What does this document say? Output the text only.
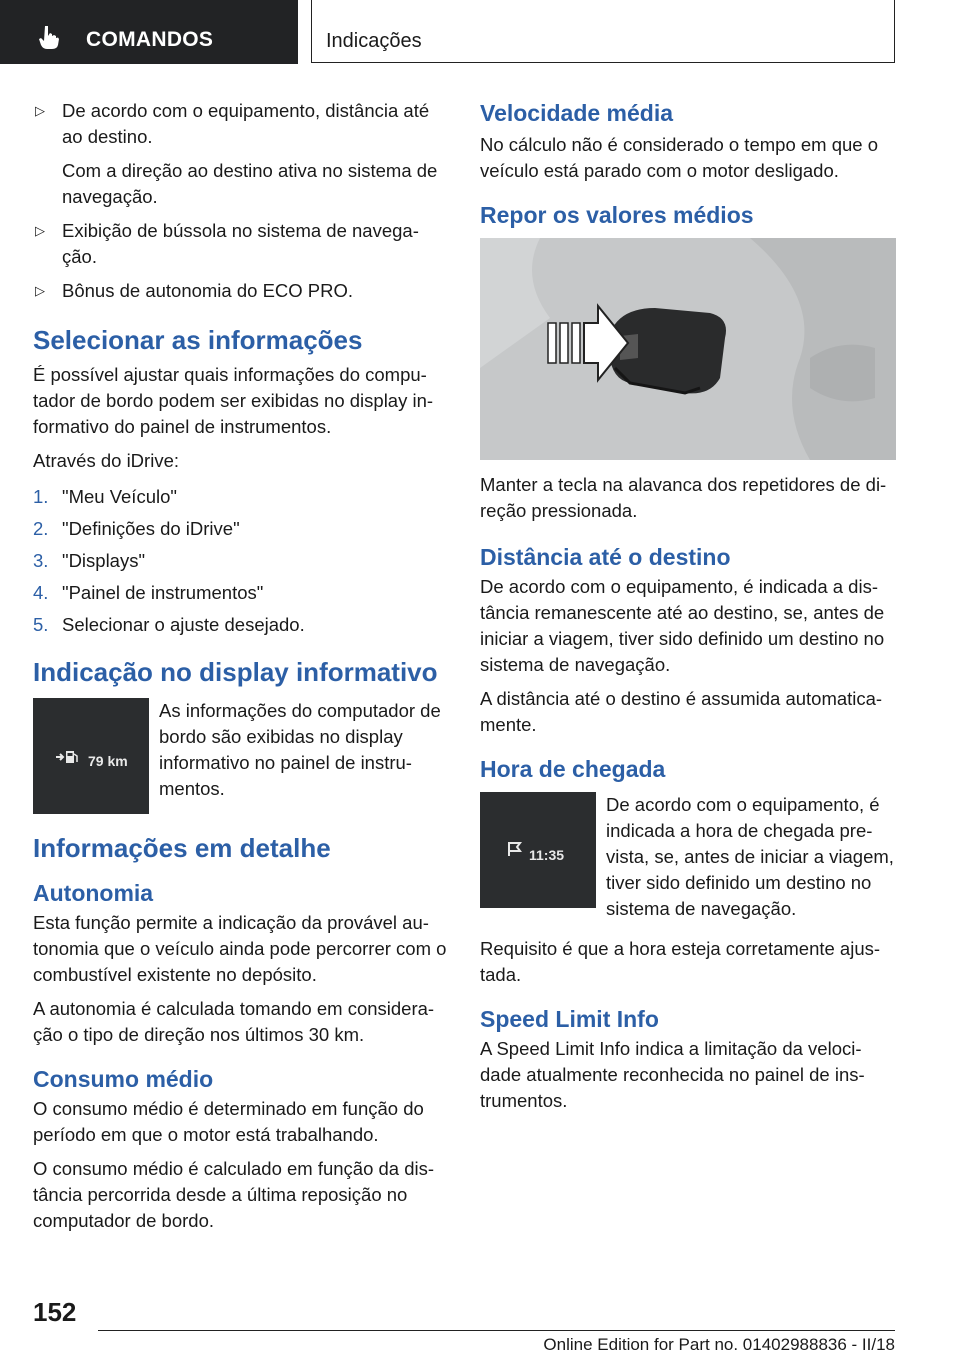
COMANDOS	Indicações
▷ De acordo com o equipamento, distância até ao destino.
Com a direção ao destino ativa no sistema de navegação.
▷ Exibição de bússola no sistema de navega‐ ção.
▷ Bônus de autonomia do ECO PRO.
Selecionar as informações

É possível ajustar quais informações do compu‐ tador de bordo podem ser exibidas no display in‐ formativo do painel de instrumentos.

Através do iDrive:

1. "Meu Veículo"
2. "Definições do iDrive"
3. "Displays"
4. "Painel de instrumentos"
5. Selecionar o ajuste desejado.
Indicação no display informativo
79 km

As informações do computador de bordo são exibidas no display informativo no painel de instru‐ mentos.

Informações em detalhe
Autonomia

Esta função permite a indicação da provável au‐ tonomia que o veículo ainda pode percorrer com o combustível existente no depósito.

A autonomia é calculada tomando em considera‐ ção o tipo de direção nos últimos 30 km.

Consumo médio

O consumo médio é determinado em função do período em que o motor está trabalhando.

O consumo médio é calculado em função da dis‐ tância percorrida desde a última reposição no computador de bordo.

Velocidade média

No cálculo não é considerado o tempo em que o veículo está parado com o motor desligado.

Repor os valores médios

Manter a tecla na alavanca dos repetidores de di‐ reção pressionada.

Distância até o destino

De acordo com o equipamento, é indicada a dis‐ tância remanescente até ao destino, se, antes de iniciar a viagem, tiver sido definido um destino no sistema de navegação.

A distância até o destino é assumida automatica‐ mente.

Hora de chegada
11:35

De acordo com o equipamento, é indicada a hora de chegada pre‐ vista, se, antes de iniciar a viagem, tiver sido definido um destino no sistema de navegação.

Requisito é que a hora esteja corretamente ajus‐ tada.

Speed Limit Info

A Speed Limit Info indica a limitação da veloci‐ dade atualmente reconhecida no painel de ins‐ trumentos.

152
Online Edition for Part no. 01402988836 - II/18
